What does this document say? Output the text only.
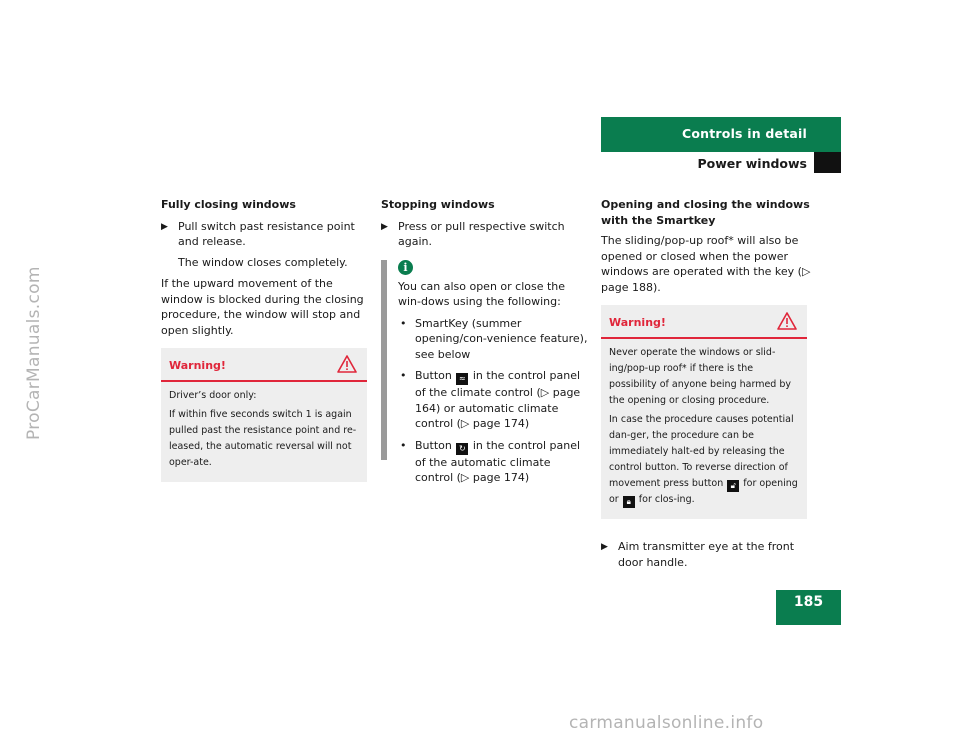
ProCarManuals.com
carmanualsonline.info
Controls in detail
Power windows
185

Fully closing windows

▶ Pull switch past resistance point and release.
The window closes completely.

If the upward movement of the window is blocked during the closing procedure, the window will stop and open slightly.

Warning!

Driver’s door only:

If within five seconds switch 1 is again pulled past the resistance point and re-leased, the automatic reversal will not oper-ate.

Stopping windows

▶ Press or pull respective switch again.
i

You can also open or close the win-dows using the following:

• SmartKey (summer opening/con-venience feature), see below
• Button ≈ in the control panel of the climate control (▷ page 164) or automatic climate control (▷ page 174)
• Button ↻ in the control panel of the automatic climate control (▷ page 174)

Opening and closing the windows with the Smartkey

The sliding/pop-up roof* will also be opened or closed when the power windows are operated with the key (▷ page 188).

Warning!

Never operate the windows or slid-ing/pop-up roof* if there is the possibility of anyone being harmed by the opening or closing procedure.

In case the procedure causes potential dan-ger, the procedure can be immediately halt-ed by releasing the control button. To reverse direction of movement press button 🔓︎ for opening or 🔒︎ for clos-ing.

▶ Aim transmitter eye at the front door handle.
